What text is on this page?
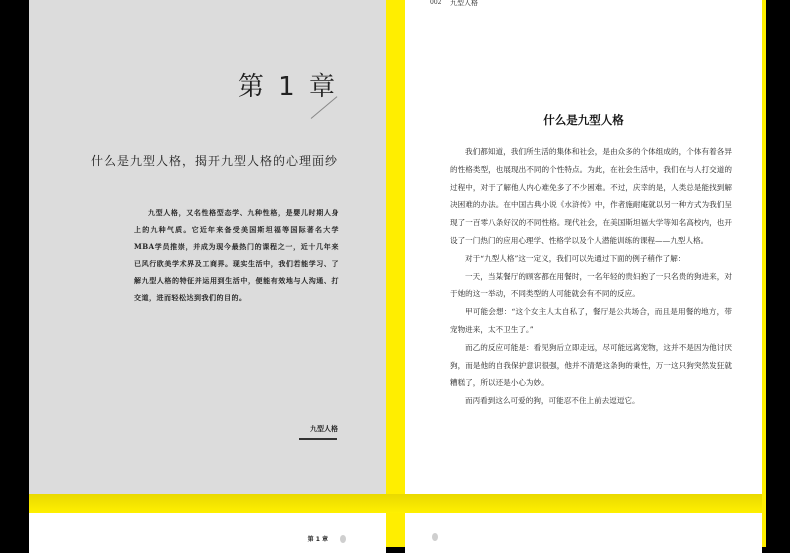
第 1 章
什么是九型人格，揭开九型人格的心理面纱
九型人格，又名性格型态学、九种性格，是婴儿时期人身上的九种气质。它近年来备受美国斯坦福等国际著名大学MBA学员推崇，并成为现今最热门的课程之一，近十几年来已风行欧美学术界及工商界。现实生活中，我们若能学习、了解九型人格的特征并运用到生活中，便能有效地与人沟通、打交道，进而轻松达到我们的目的。
九型人格
002 九型人格
什么是九型人格

我们都知道，我们所生活的集体和社会，是由众多的个体组成的，个体有着各异的性格类型，也展现出不同的个性特点。为此，在社会生活中，我们在与人打交道的过程中，对于了解他人内心难免多了不少困难。不过，庆幸的是，人类总是能找到解决困难的办法。在中国古典小说《水浒传》中，作者施耐庵就以另一种方式为我们呈现了一百零八条好汉的不同性格。现代社会，在美国斯坦福大学等知名高校内，也开设了一门热门的应用心理学、性格学以及个人潜能训练的课程——九型人格。

对于“九型人格”这一定义，我们可以先通过下面的例子稍作了解：

一天，当某餐厅的顾客都在用餐时，一名年轻的贵妇抱了一只名贵的狗进来，对于她的这一举动，不同类型的人可能就会有不同的反应。

甲可能会想：“这个女主人太自私了，餐厅是公共场合，而且是用餐的地方，带宠物进来，太不卫生了。”

而乙的反应可能是：看见狗后立即走远，尽可能远离宠物，这并不是因为他讨厌狗，而是他的自我保护意识很强，他并不清楚这条狗的秉性，万一这只狗突然发狂就糟糕了，所以还是小心为妙。

而丙看到这么可爱的狗，可能忍不住上前去逗逗它。

第 1 章
